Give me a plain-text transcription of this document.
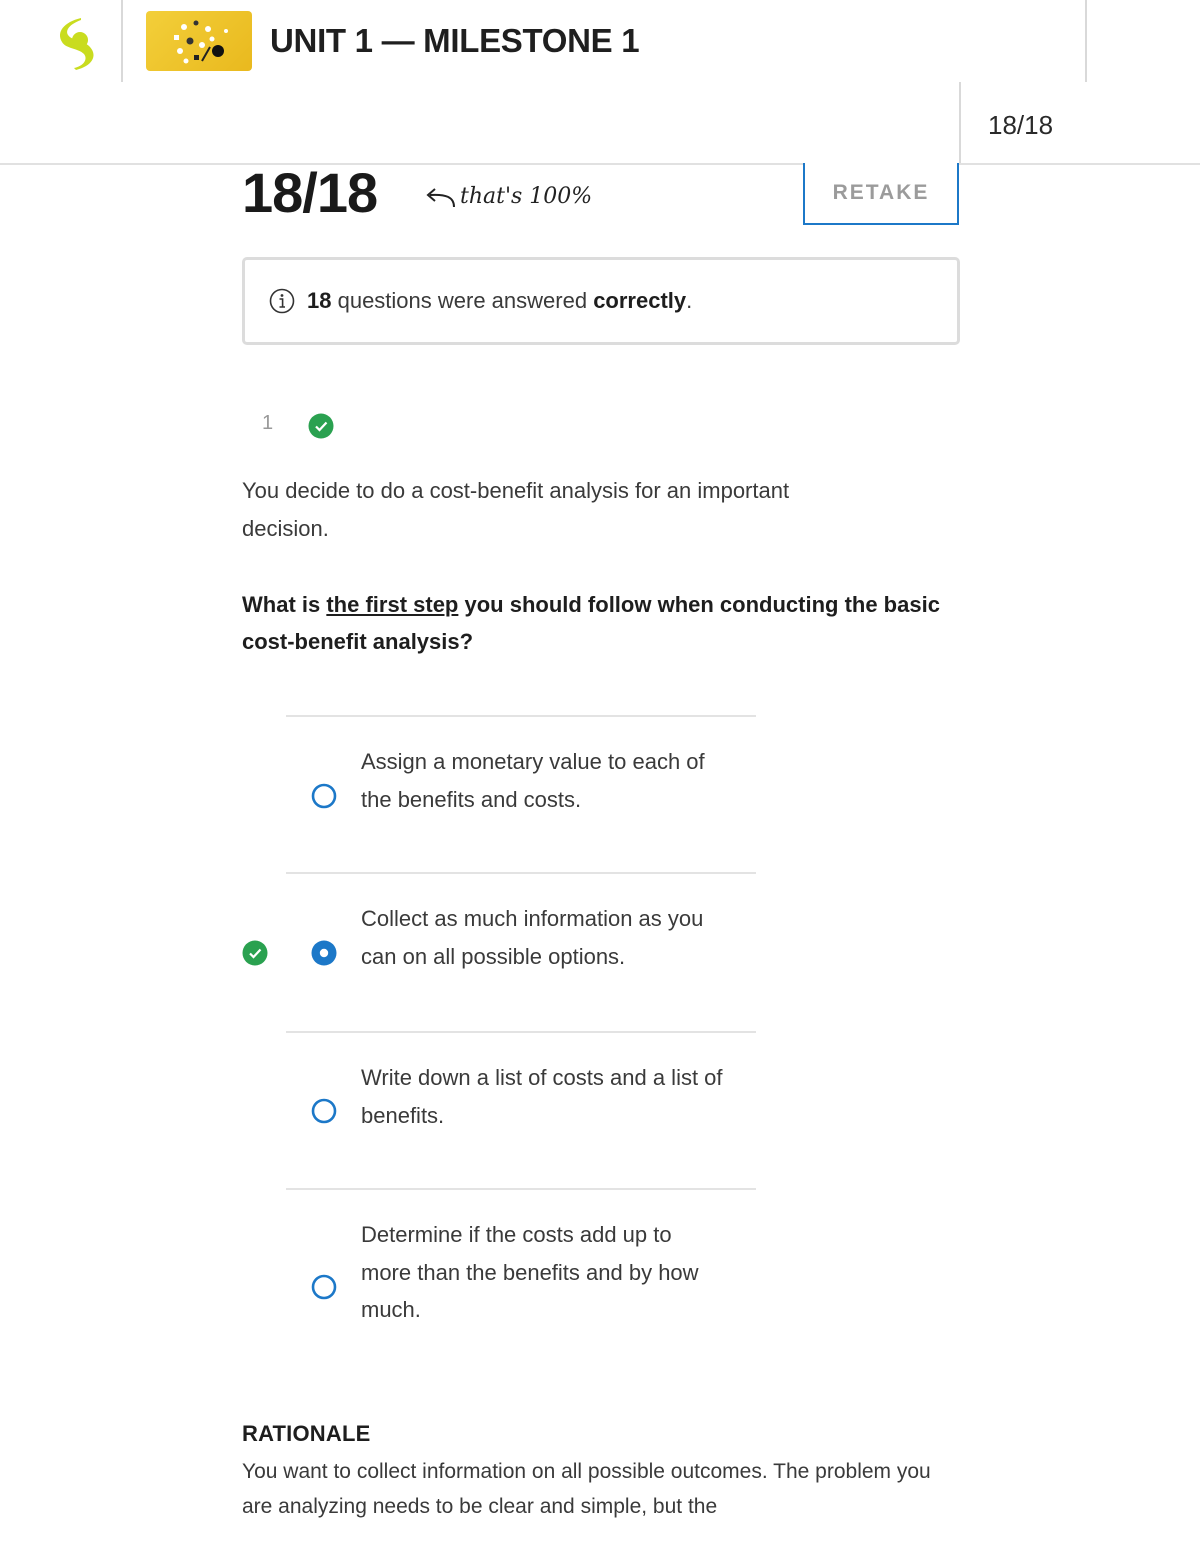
UNIT 1 — MILESTONE 1
18/18
18/18	that's 100%	RETAKE
18 questions were answered correctly.
1
You decide to do a cost-benefit analysis for an important decision.
What is the first step you should follow when conducting the basic cost-benefit analysis?
Assign a monetary value to each of the benefits and costs.
Collect as much information as you can on all possible options.
Write down a list of costs and a list of benefits.
Determine if the costs add up to more than the benefits and by how much.
RATIONALE
You want to collect information on all possible outcomes. The problem you are analyzing needs to be clear and simple, but the
